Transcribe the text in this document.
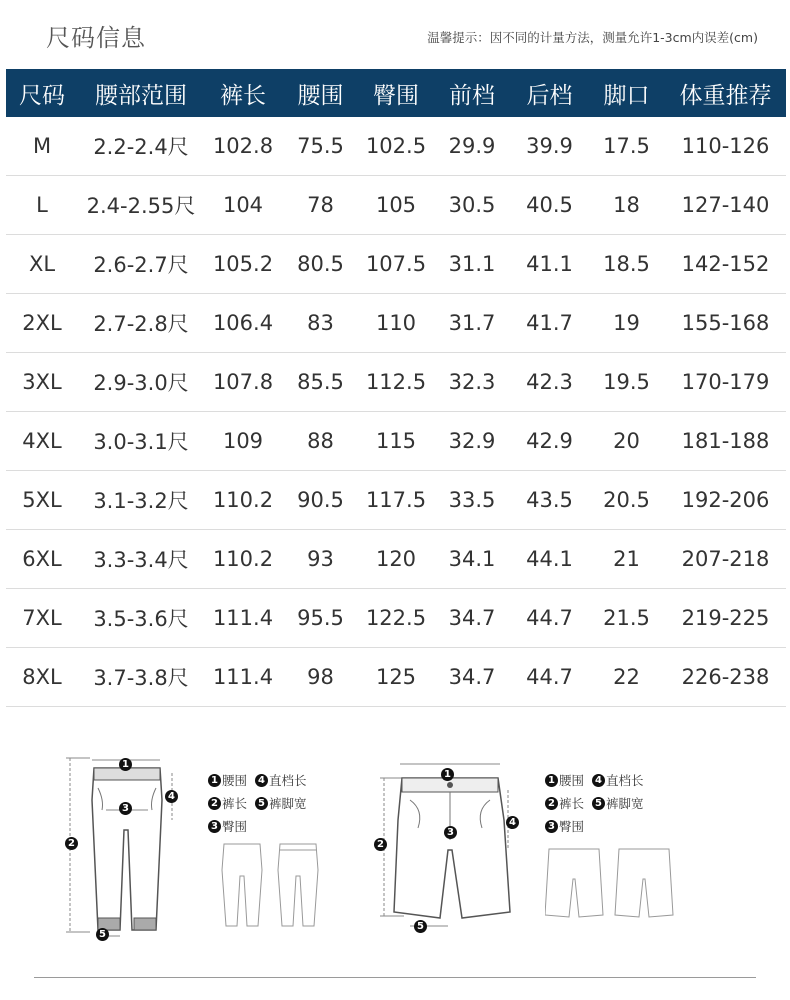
尺码信息	温馨提示：因不同的计量方法，测量允许1-3cm内误差(cm)
尺码	腰部范围	裤长	腰围	臀围	前档	后档	脚口	体重推荐
M	2.2-2.4尺	102.8	75.5	102.5	29.9	39.9	17.5	110-126
L	2.4-2.55尺	104	78	105	30.5	40.5	18	127-140
XL	2.6-2.7尺	105.2	80.5	107.5	31.1	41.1	18.5	142-152
2XL	2.7-2.8尺	106.4	83	110	31.7	41.7	19	155-168
3XL	2.9-3.0尺	107.8	85.5	112.5	32.3	42.3	19.5	170-179
4XL	3.0-3.1尺	109	88	115	32.9	42.9	20	181-188
5XL	3.1-3.2尺	110.2	90.5	117.5	33.5	43.5	20.5	192-206
6XL	3.3-3.4尺	110.2	93	120	34.1	44.1	21	207-218
7XL	3.5-3.6尺	111.4	95.5	122.5	34.7	44.7	21.5	219-225
8XL	3.7-3.8尺	111.4	98	125	34.7	44.7	22	226-238
1
2
3
4
5
1 腰围
	4 直档长

2 裤长
	5 裤脚宽

3 臀围
1
2
3
4
5
1 腰围
	4 直档长

2 裤长
	5 裤脚宽

3 臀围
